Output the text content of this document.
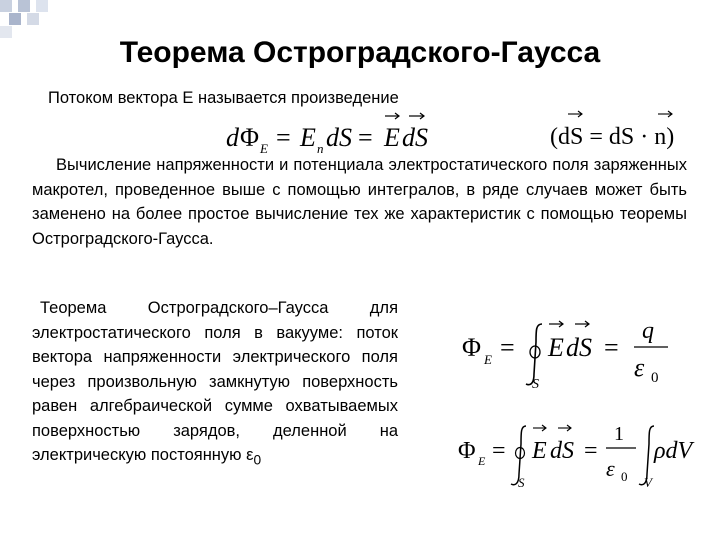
Теорема Остроградского-Гаусса
Потоком вектора Е называется произведение
d Φ E = E n dS = E dS	(dS = dS · n)
Вычисление напряженности и потенциала электростатического поля заряженных макротел, проведенное выше с помощью интегралов, в ряде случаев может быть заменено на более простое вычисление тех же характеристик с помощью теоремы Остроградского-Гаусса.
Теорема Остроградского–Гаусса для электростатического поля в вакууме: поток вектора напряженности электрического поля через произвольную замкнутую поверхность равен алгебраической сумме охватываемых поверхностью зарядов, деленной на электрическую постоянную $\varepsilon_0$
Φ E =
S
E dS =
q
ε 0
Φ E =
S
E dS =
1
ε 0 V
ρdV
